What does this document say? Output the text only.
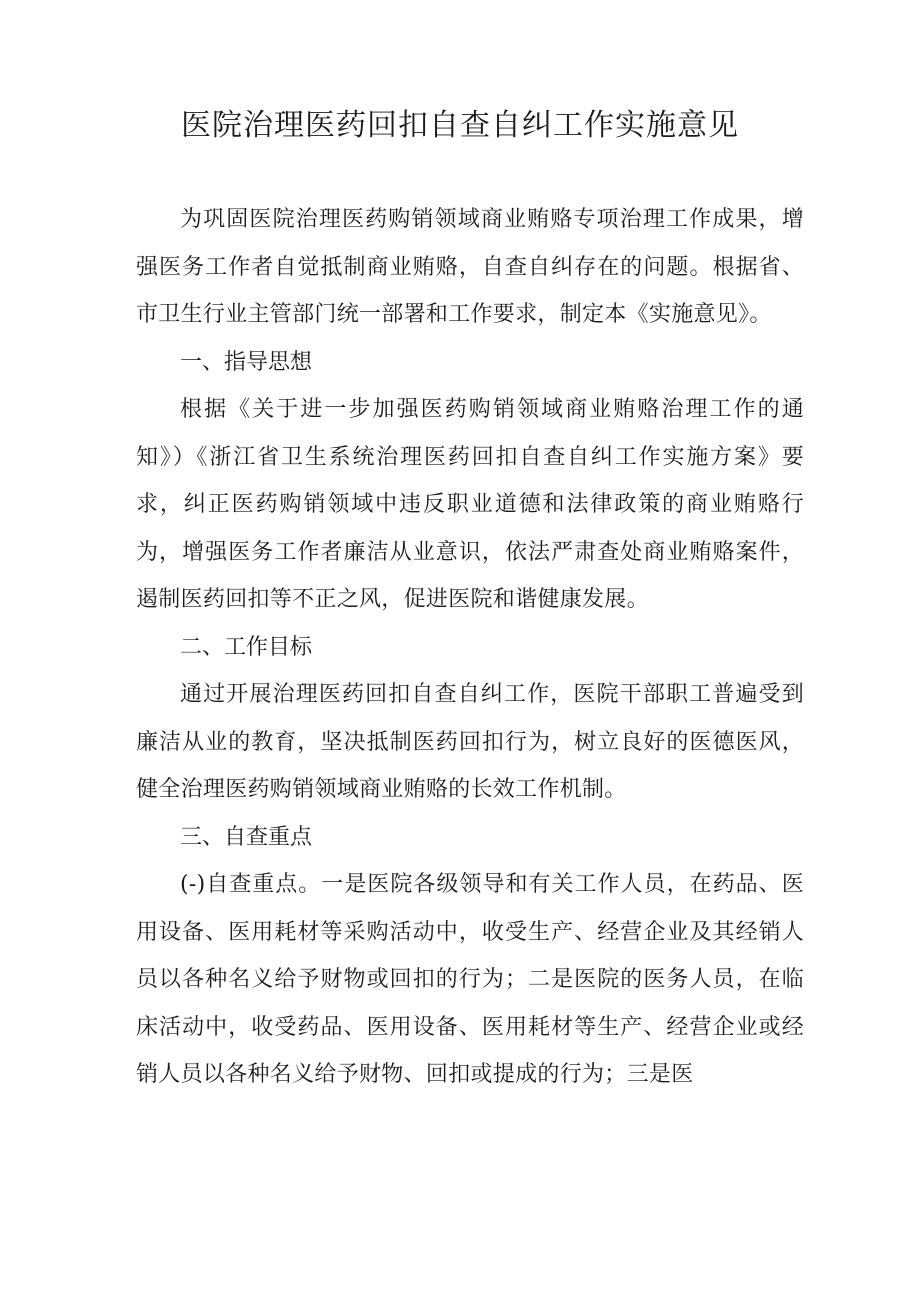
医院治理医药回扣自查自纠工作实施意见

为巩固医院治理医药购销领域商业贿赂专项治理工作成果，增强医务工作者自觉抵制商业贿赂，自查自纠存在的问题。根据省、市卫生行业主管部门统一部署和工作要求，制定本《实施意见》。

一、指导思想

根据《关于进一步加强医药购销领域商业贿赂治理工作的通知》）《浙江省卫生系统治理医药回扣自查自纠工作实施方案》要求，纠正医药购销领域中违反职业道德和法律政策的商业贿赂行为，增强医务工作者廉洁从业意识，依法严肃查处商业贿赂案件，遏制医药回扣等不正之风，促进医院和谐健康发展。

二、工作目标

通过开展治理医药回扣自查自纠工作，医院干部职工普遍受到廉洁从业的教育，坚决抵制医药回扣行为，树立良好的医德医风，健全治理医药购销领域商业贿赂的长效工作机制。

三、自查重点

(-)自查重点。一是医院各级领导和有关工作人员，在药品、医用设备、医用耗材等采购活动中，收受生产、经营企业及其经销人员以各种名义给予财物或回扣的行为；二是医院的医务人员，在临床活动中，收受药品、医用设备、医用耗材等生产、经营企业或经销人员以各种名义给予财物、回扣或提成的行为；三是医
